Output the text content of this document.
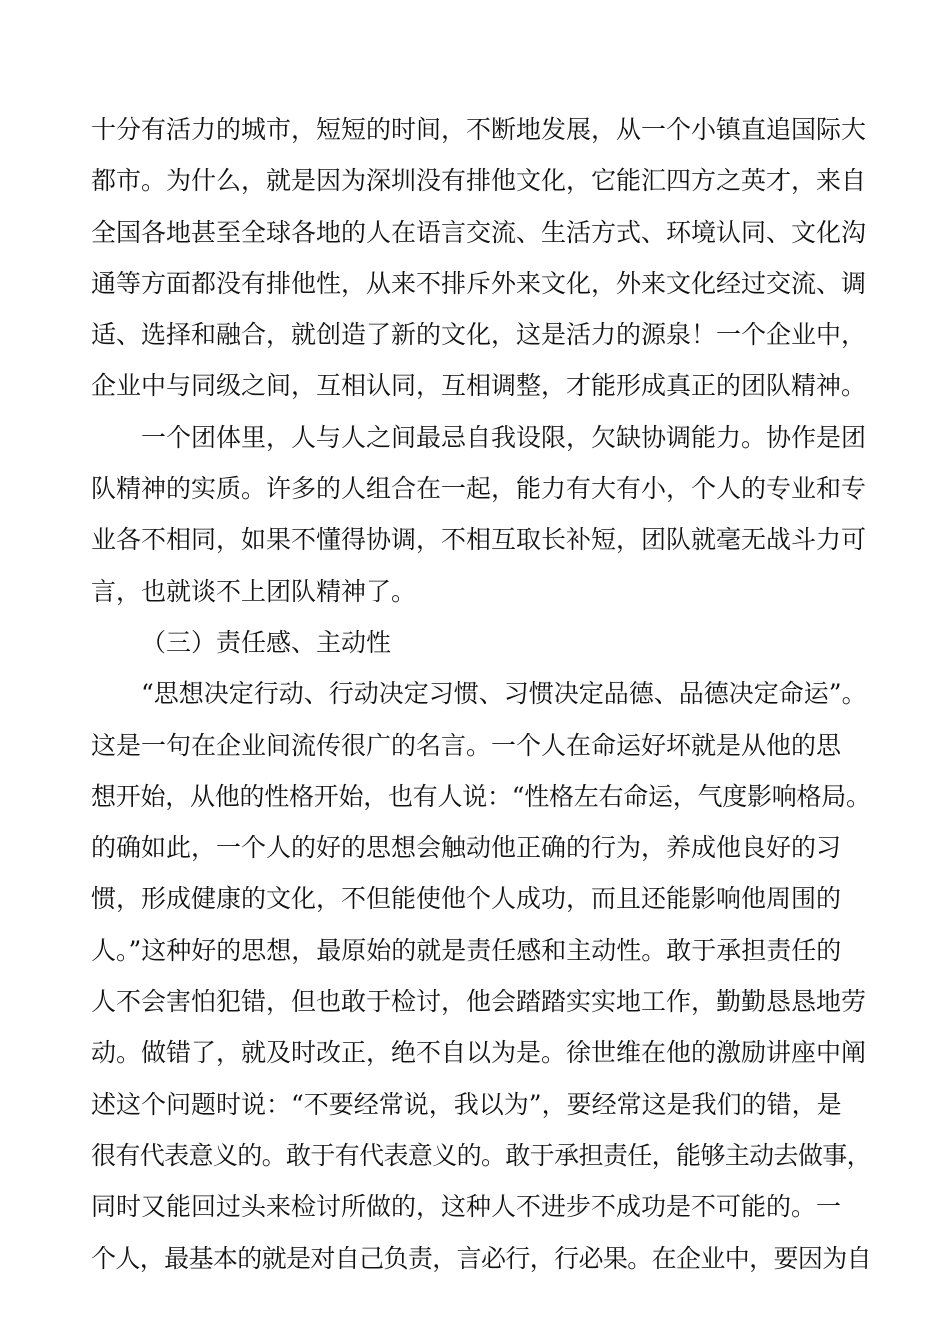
十分有活力的城市，短短的时间，不断地发展，从一个小镇直追国际大
都市。为什么，就是因为深圳没有排他文化，它能汇四方之英才，来自
全国各地甚至全球各地的人在语言交流、生活方式、环境认同、文化沟
通等方面都没有排他性，从来不排斥外来文化，外来文化经过交流、调
适、选择和融合，就创造了新的文化，这是活力的源泉！一个企业中，
企业中与同级之间，互相认同，互相调整，才能形成真正的团队精神。
一个团体里，人与人之间最忌自我设限，欠缺协调能力。协作是团
队精神的实质。许多的人组合在一起，能力有大有小，个人的专业和专
业各不相同，如果不懂得协调，不相互取长补短，团队就毫无战斗力可
言，也就谈不上团队精神了。
（三）责任感、主动性
“思想决定行动、行动决定习惯、习惯决定品德、品德决定命运”。
这是一句在企业间流传很广的名言。一个人在命运好坏就是从他的思
想开始，从他的性格开始，也有人说：“性格左右命运，气度影响格局。
的确如此，一个人的好的思想会触动他正确的行为，养成他良好的习
惯，形成健康的文化，不但能使他个人成功，而且还能影响他周围的
人。”这种好的思想，最原始的就是责任感和主动性。敢于承担责任的
人不会害怕犯错，但也敢于检讨，他会踏踏实实地工作，勤勤恳恳地劳
动。做错了，就及时改正，绝不自以为是。徐世维在他的激励讲座中阐
述这个问题时说：“不要经常说，我以为”，要经常这是我们的错，是
很有代表意义的。敢于有代表意义的。敢于承担责任，能够主动去做事，
同时又能回过头来检讨所做的，这种人不进步不成功是不可能的。一
个人，最基本的就是对自己负责，言必行，行必果。在企业中，要因为自
